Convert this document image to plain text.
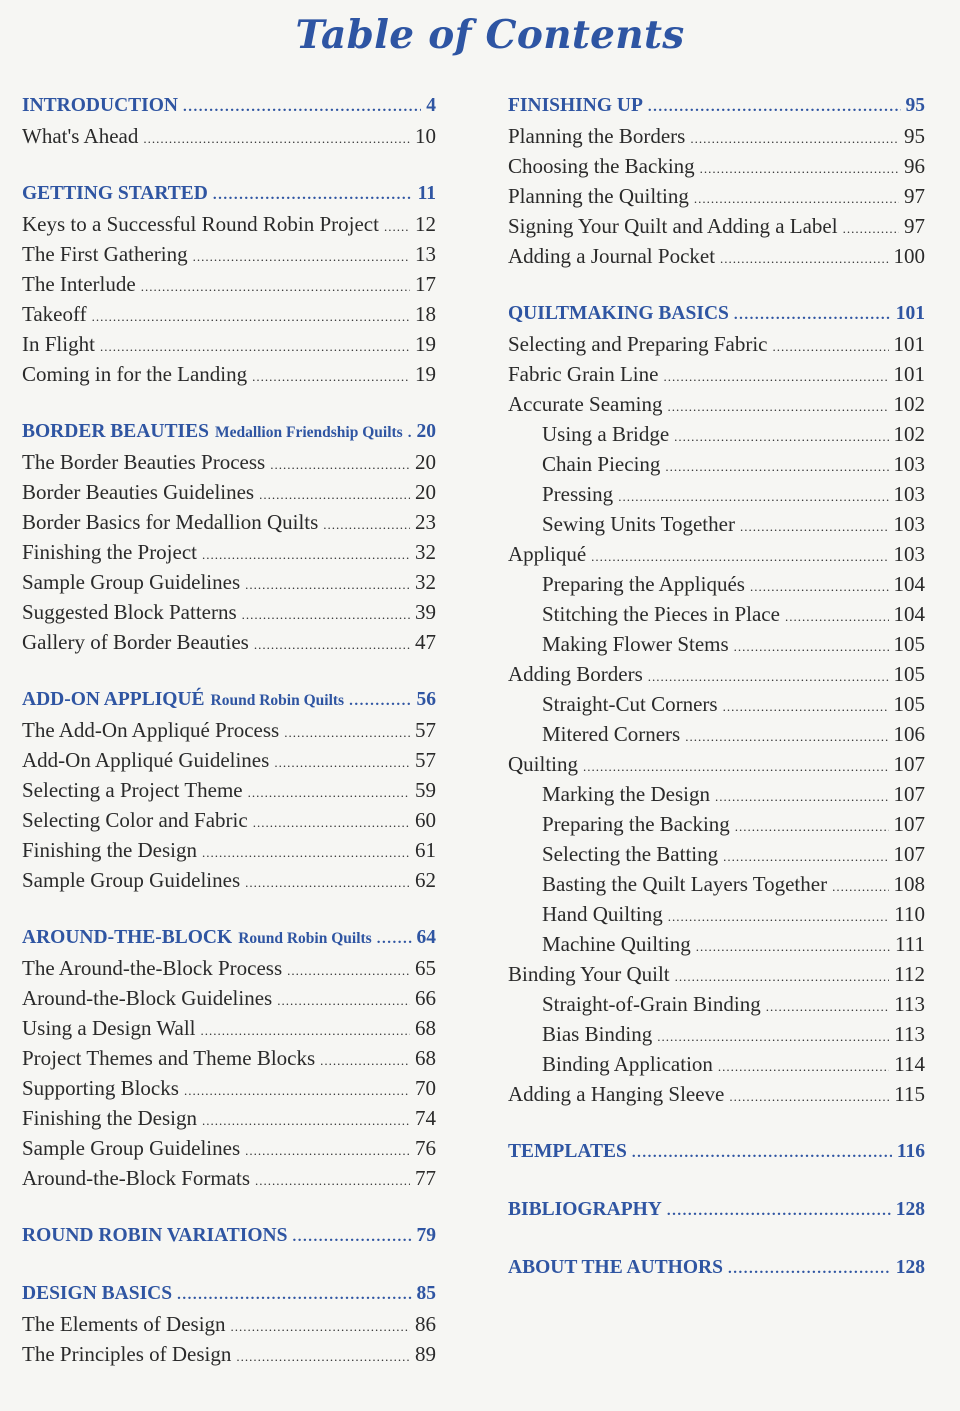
Table of Contents
INTRODUCTION .....	4
What's Ahead .....	10
GETTING STARTED .....	11
Keys to a Successful Round Robin Project ..... 12
The First Gathering .....	13
The Interlude .....	17
Takeoff .....	18
In Flight .....	19
Coming in for the Landing .....	19
BORDER BEAUTIES Medallion Friendship Quilts ..... 20
The Border Beauties Process .....	20
Border Beauties Guidelines .....	20
Border Basics for Medallion Quilts .....	23
Finishing the Project .....	32
Sample Group Guidelines .....	32
Suggested Block Patterns .....	39
Gallery of Border Beauties .....	47
ADD-ON APPLIQUÉ Round Robin Quilts .....	56
The Add-On Appliqué Process .....	57
Add-On Appliqué Guidelines .....	57
Selecting a Project Theme .....	59
Selecting Color and Fabric .....	60
Finishing the Design .....	61
Sample Group Guidelines .....	62
AROUND-THE-BLOCK Round Robin Quilts ..... 64
The Around-the-Block Process .....	65
Around-the-Block Guidelines .....	66
Using a Design Wall .....	68
Project Themes and Theme Blocks .....	68
Supporting Blocks .....	70
Finishing the Design .....	74
Sample Group Guidelines .....	76
Around-the-Block Formats .....	77
ROUND ROBIN VARIATIONS .....	79
DESIGN BASICS .....	85
The Elements of Design .....	86
The Principles of Design .....	89
FINISHING UP .....	95
Planning the Borders .....	95
Choosing the Backing .....	96
Planning the Quilting .....	97
Signing Your Quilt and Adding a Label .....	97
Adding a Journal Pocket .....	100
QUILTMAKING BASICS .....	101
Selecting and Preparing Fabric .....	101
Fabric Grain Line .....	101
Accurate Seaming .....	102
Using a Bridge .....	102
Chain Piecing .....	103
Pressing .....	103
Sewing Units Together .....	103
Appliqué .....	103
Preparing the Appliqués .....	104
Stitching the Pieces in Place .....	104
Making Flower Stems .....	105
Adding Borders .....	105
Straight-Cut Corners .....	105
Mitered Corners .....	106
Quilting .....	107
Marking the Design .....	107
Preparing the Backing .....	107
Selecting the Batting .....	107
Basting the Quilt Layers Together .....	108
Hand Quilting .....	110
Machine Quilting .....	111
Binding Your Quilt .....	112
Straight-of-Grain Binding .....	113
Bias Binding .....	113
Binding Application .....	114
Adding a Hanging Sleeve .....	115
TEMPLATES .....	116
BIBLIOGRAPHY .....	128
ABOUT THE AUTHORS .....	128
